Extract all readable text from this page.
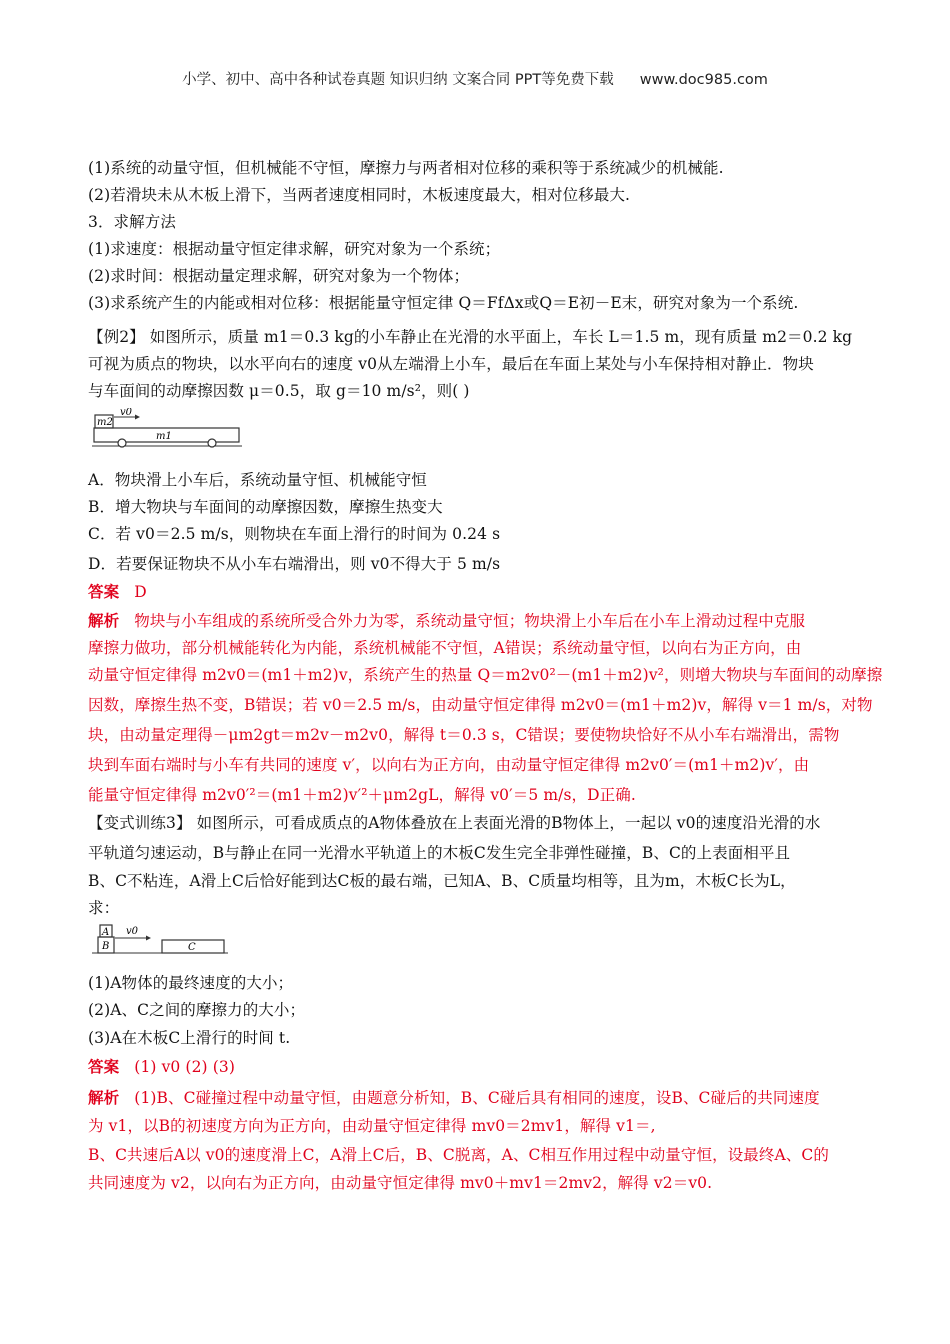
小学、初中、高中各种试卷真题 知识归纳 文案合同 PPT等免费下载 www.doc985.com
(1)系统的动量守恒，但机械能不守恒，摩擦力与两者相对位移的乘积等于系统减少的机械能.
(2)若滑块未从木板上滑下，当两者速度相同时，木板速度最大，相对位移最大.
3．求解方法
(1)求速度：根据动量守恒定律求解，研究对象为一个系统；
(2)求时间：根据动量定理求解，研究对象为一个物体；
(3)求系统产生的内能或相对位移：根据能量守恒定律 Q＝FfΔx或Q＝E初－E末，研究对象为一个系统.
【例2】 如图所示，质量 m1＝0.3 kg的小车静止在光滑的水平面上，车长 L＝1.5 m，现有质量 m2＝0.2 kg
可视为质点的物块，以水平向右的速度 v0从左端滑上小车，最后在车面上某处与小车保持相对静止．物块
与车面间的动摩擦因数 μ＝0.5，取 g＝10 m/s²，则( )
m2
v0
m1
A．物块滑上小车后，系统动量守恒、机械能守恒
B．增大物块与车面间的动摩擦因数，摩擦生热变大
C．若 v0＝2.5 m/s，则物块在车面上滑行的时间为 0.24 s
D．若要保证物块不从小车右端滑出，则 v0不得大于 5 m/s
答案 D
解析 物块与小车组成的系统所受合外力为零，系统动量守恒；物块滑上小车后在小车上滑动过程中克服
摩擦力做功，部分机械能转化为内能，系统机械能不守恒，A错误；系统动量守恒，以向右为正方向，由
动量守恒定律得 m2v0＝(m1＋m2)v，系统产生的热量 Q＝m2v0²－(m1＋m2)v²，则增大物块与车面间的动摩擦
因数，摩擦生热不变，B错误；若 v0＝2.5 m/s，由动量守恒定律得 m2v0＝(m1＋m2)v，解得 v＝1 m/s，对物
块，由动量定理得－μm2gt＝m2v－m2v0，解得 t＝0.3 s，C错误；要使物块恰好不从小车右端滑出，需物
块到车面右端时与小车有共同的速度 v′，以向右为正方向，由动量守恒定律得 m2v0′＝(m1＋m2)v′，由
能量守恒定律得 m2v0′²＝(m1＋m2)v′²＋μm2gL，解得 v0′＝5 m/s，D正确.
【变式训练3】 如图所示，可看成质点的A物体叠放在上表面光滑的B物体上，一起以 v0的速度沿光滑的水
平轨道匀速运动，B与静止在同一光滑水平轨道上的木板C发生完全非弹性碰撞，B、C的上表面相平且
B、C不粘连，A滑上C后恰好能到达C板的最右端，已知A、B、C质量均相等，且为m，木板C长为L，
求：
A
B
v0
C
(1)A物体的最终速度的大小；
(2)A、C之间的摩擦力的大小；
(3)A在木板C上滑行的时间 t.
答案 (1) v0 (2) (3)
解析 (1)B、C碰撞过程中动量守恒，由题意分析知，B、C碰后具有相同的速度，设B、C碰后的共同速度
为 v1，以B的初速度方向为正方向，由动量守恒定律得 mv0＝2mv1，解得 v1＝,
B、C共速后A以 v0的速度滑上C，A滑上C后，B、C脱离，A、C相互作用过程中动量守恒，设最终A、C的
共同速度为 v2，以向右为正方向，由动量守恒定律得 mv0＋mv1＝2mv2，解得 v2＝v0.
